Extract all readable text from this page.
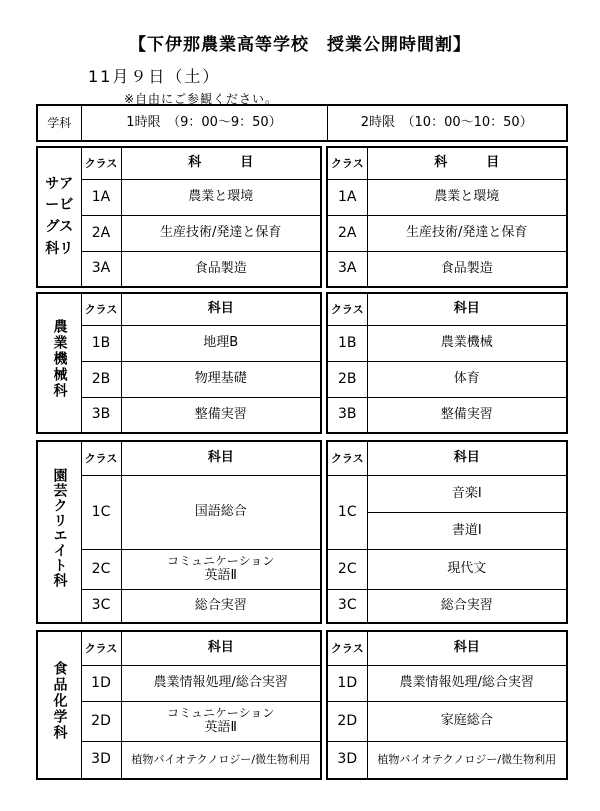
【下伊那農業高等学校　授業公開時間割】
11月９日（土）
※自由にご参観ください。
学科	1時限　（9：00～9：50）	2時限　（10：00～10：50）
サア
ービ
グス
科リ	クラス	科　　　目
	1A	農業と環境
	2A	生産技術/発達と保育
	3A	食品製造
クラス	科　　　目
1A	農業と環境
2A	生産技術/発達と保育
3A	食品製造
農業機械科	クラス	科目
	1B	地理B
	2B	物理基礎
	3B	整備実習
クラス	科目
1B	農業機械
2B	体育
3B	整備実習
園芸クリエイト科	クラス	科目
	1C	国語総合
	2C	コミュニケーション
英語Ⅱ

	3C	総合実習
クラス	科目
1C	音楽Ⅰ
	書道Ⅰ
2C	現代文
3C	総合実習
食品化学科	クラス	科目
	1D	農業情報処理/総合実習
	2D	コミュニケーション
英語Ⅱ

	3D	植物バイオテクノロジー/微生物利用
クラス	科目
1D	農業情報処理/総合実習
2D	家庭総合
3D	植物バイオテクノロジー/微生物利用
